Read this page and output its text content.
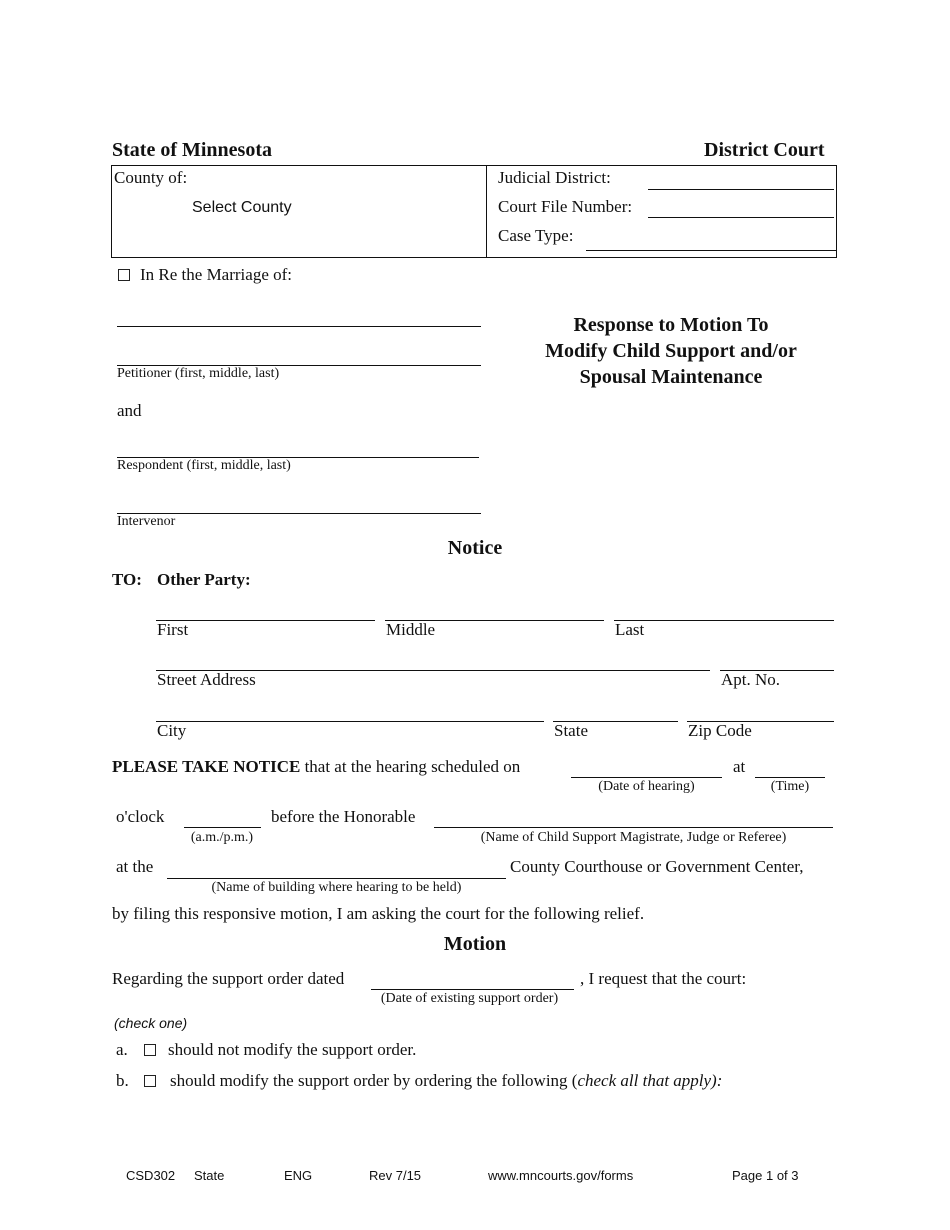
State of Minnesota	District Court
County of:
Select County
Judicial District:
Court File Number:
Case Type:
In Re the Marriage of:
Petitioner (first, middle, last)
and
Respondent (first, middle, last)
Intervenor
Response to Motion To
Modify Child Support and/or
Spousal Maintenance
Notice
TO: Other Party:
First	Middle	Last
Street Address	Apt. No.
City	State	Zip Code
PLEASE TAKE NOTICE that at the hearing scheduled on	at
(Date of hearing)	(Time)
o'clock
(a.m./p.m.)
before the Honorable
(Name of Child Support Magistrate, Judge or Referee)
at the	County Courthouse or Government Center,
(Name of building where hearing to be held)
by filing this responsive motion, I am asking the court for the following relief.
Motion
Regarding the support order dated	, I request that the court:
(Date of existing support order)
(check one)
a. should not modify the support order.
b. should modify the support order by ordering the following (check all that apply):
CSD302 State	ENG	Rev 7/15	www.mncourts.gov/forms	Page 1 of 3
